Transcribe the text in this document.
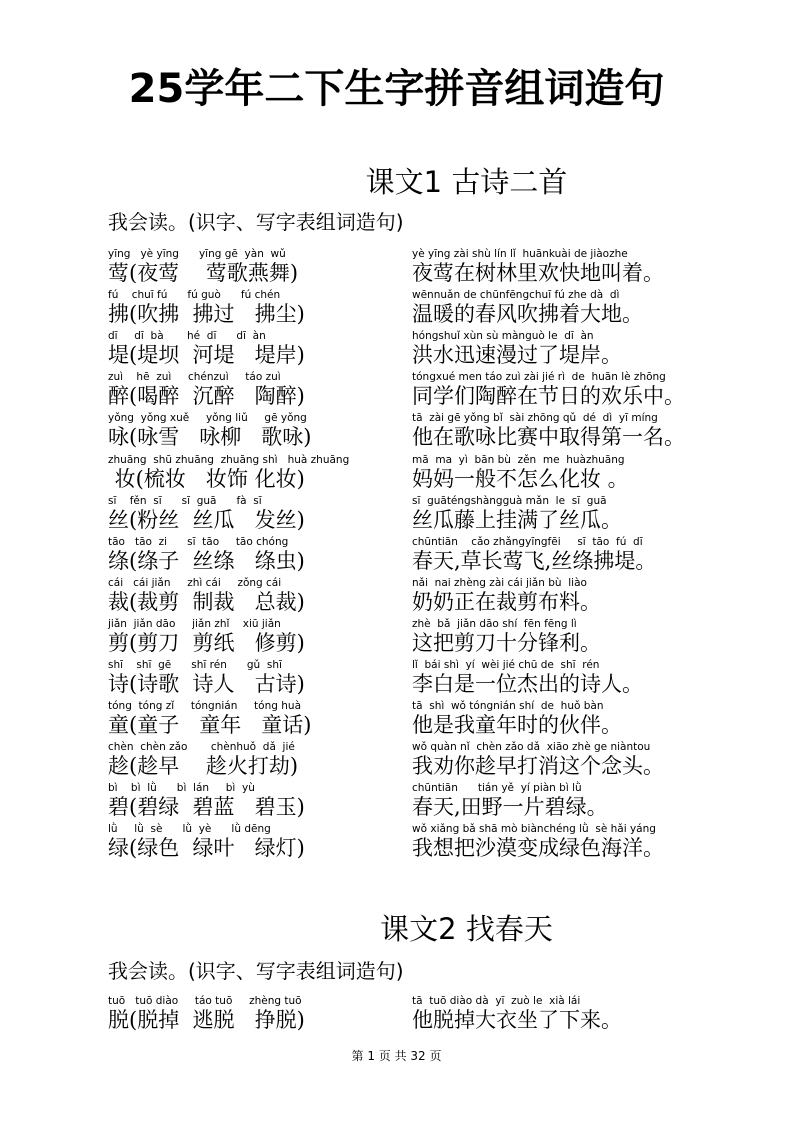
25学年二下生字拼音组词造句
课文1 古诗二首
我会读。(识字、写字表组词造句)
yīng   yè yīng      yīng gē  yàn  wǔ
莺(夜莺    莺歌燕舞)
yè yīng zài shù lín lǐ  huānkuài de jiàozhe
夜莺在树林里欢快地叫着。
fú    chuī fú      fú guò      fú chén
拂(吹拂  拂过   拂尘)
wēnnuǎn de chūnfēngchuī fú zhe dà  dì
温暖的春风吹拂着大地。
dī     dī  bà       hé  dī      dī  àn
堤(堤坝  河堤   堤岸)
hóngshuǐ xùn sù mànguò le  dī  àn
洪水迅速漫过了堤岸。
zuì    hē  zuì     chénzuì     táo zuì
醉(喝醉  沉醉   陶醉)
tóngxué men táo zuì zài jié rì  de  huān lè zhōng
同学们陶醉在节日的欢乐中。
yǒng  yǒng xuě     yǒng liǔ     gē yǒng
咏(咏雪   咏柳   歌咏)
tā  zài gē yǒng bǐ  sài zhōng qǔ  dé  dì  yī míng
他在歌咏比赛中取得第一名。
zhuāng  shū zhuāng  zhuāng shì   huà zhuāng
妆(梳妆   妆饰 化妆)
mā  ma  yì  bān bù  zěn  me  huàzhuāng
妈妈一般不怎么化妆 。
sī    fěn  sī      sī  guā      fà  sī
丝(粉丝  丝瓜   发丝)
sī  guāténgshàngguà mǎn  le  sī  guā
丝瓜藤上挂满了丝瓜。
tāo   tāo  zi      sī  tāo     tāo chóng
绦(绦子  丝绦   绦虫)
chūntiān    cǎo zhǎngyīngfēi     sī  tāo  fú  dī
春天,草长莺飞,丝绦拂堤。
cái   cái jiǎn     zhì cái     zǒng cái
裁(裁剪  制裁   总裁)
nǎi  nai zhèng zài cái jiǎn bù  liào
奶奶正在裁剪布料。
jiǎn  jiǎn dāo     jiǎn zhǐ    xiū jiǎn
剪(剪刀  剪纸   修剪)
zhè  bǎ  jiǎn dāo shí  fēn fēng lì
这把剪刀十分锋利。
shī    shī  gē      shī rén      gǔ  shī
诗(诗歌  诗人   古诗)
lǐ  bái shì  yí  wèi jié chū de  shī  rén
李白是一位杰出的诗人。
tóng  tóng zǐ     tóngnián     tóng huà
童(童子   童年   童话)
tā  shì  wǒ tóngnián shí  de  huǒ bàn
他是我童年时的伙伴。
chèn  chèn zǎo       chènhuǒ  dǎ  jié
趁(趁早    趁火打劫)
wǒ quàn nǐ  chèn zǎo dǎ  xiāo zhè ge niàntou
我劝你趁早打消这个念头。
bì    bì  lǜ      bì  lán     bì  yù
碧(碧绿  碧蓝   碧玉)
chūntiān      tián yě  yí piàn bì lǜ
春天,田野一片碧绿。
lǜ     lǜ  sè      lǜ  yè      lǜ dēng
绿(绿色  绿叶   绿灯)
wǒ xiǎng bǎ shā mò biànchéng lǜ  sè hǎi yáng
我想把沙漠变成绿色海洋。
课文2 找春天
我会读。(识字、写字表组词造句)
tuō   tuō diào     táo tuō     zhèng tuō
脱(脱掉  逃脱   挣脱)
tā  tuō diào dà  yī  zuò le  xià lái
他脱掉大衣坐了下来。
第 1 页 共 32 页
